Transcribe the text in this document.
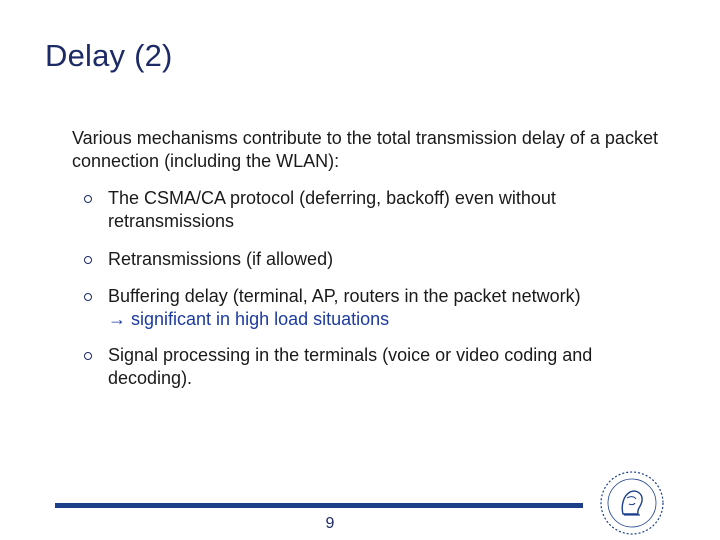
Delay (2)
Various mechanisms contribute to the total transmission delay of a packet connection (including the WLAN):
The CSMA/CA protocol (deferring, backoff) even without retransmissions
Retransmissions (if allowed)
Buffering delay (terminal, AP, routers in the packet network)
→ significant in high load situations
Signal processing in the terminals (voice or video coding and decoding).
9
